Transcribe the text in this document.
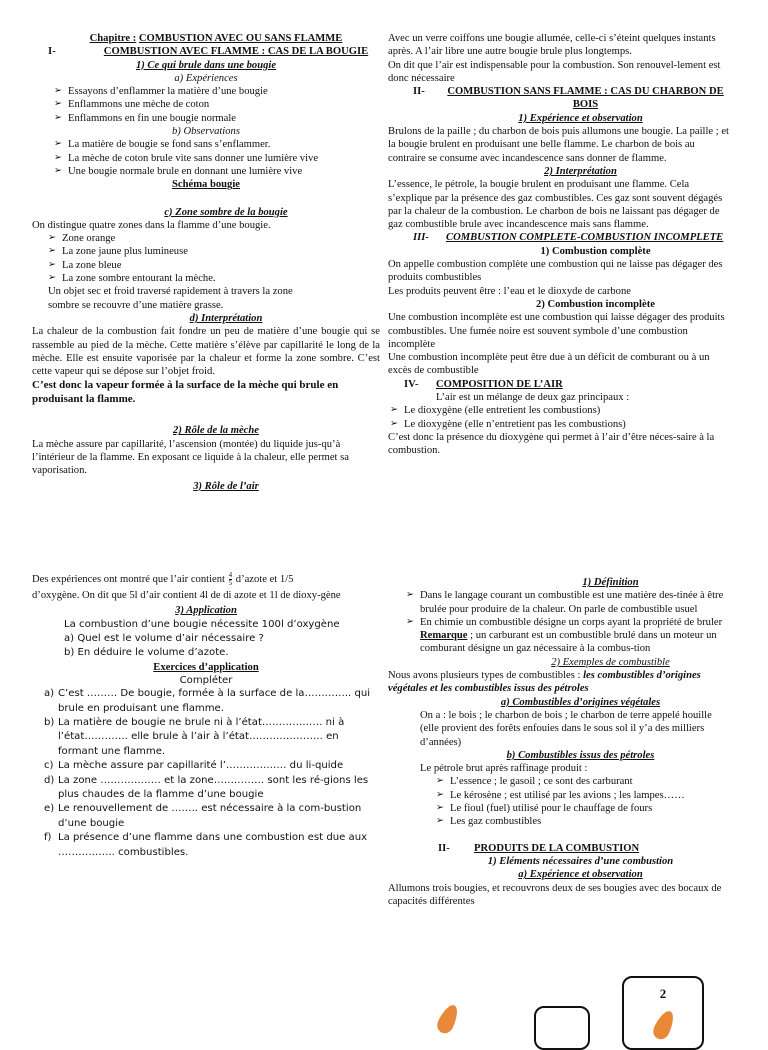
Chapitre : COMBUSTION AVEC OU SANS FLAMME
I-	COMBUSTION AVEC FLAMME : CAS DE LA BOUGIE
1) Ce qui brule dans une bougie
a) Expériences
➢ Essayons d’enflammer la matière d’une bougie
➢ Enflammons une mèche de coton
➢ Enflammons en fin une bougie normale
b) Observations
➢ La matière de bougie se fond sans s’enflammer.
➢ La mèche de coton brule vite sans donner une lumière vive
➢ Une bougie normale brule en donnant une lumière vive
Schéma bougie
c) Zone sombre de la bougie
On distingue quatre zones dans la flamme d’une bougie.
➢ Zone orange
➢ La zone jaune plus lumineuse
➢ La zone bleue
➢ La zone sombre entourant la mèche.
Un objet sec et froid traversé rapidement à travers la zone
sombre se recouvre d’une matière grasse.
d) Interprétation
La chaleur de la combustion fait fondre un peu de matière d’une bougie qui se rassemble au pied de la mèche. Cette matière s’élève par capillarité le long de la mèche. Elle est ensuite vaporisée par la chaleur et forme la zone sombre. C’est cette vapeur qui se dépose sur l’objet froid.
C’est donc la vapeur formée à la surface de la mèche qui brule en produisant la flamme.
2) Rôle de la mèche
La mèche assure par capillarité, l’ascension (montée) du liquide jus-qu’à l’intérieur de la flamme. En exposant ce liquide à la chaleur, elle permet sa vaporisation.
3) Rôle de l’air
Avec un verre coiffons une bougie allumée, celle-ci s’éteint quelques instants après. A l’air libre une autre bougie brule plus longtemps.
On dit que l’air est indispensable pour la combustion. Son renouvel-lement est donc nécessaire
II-	COMBUSTION SANS FLAMME : CAS DU CHARBON DE BOIS
1) Expérience et observation
Brulons de la paille ; du charbon de bois puis allumons une bougie. La paille ; et la bougie brulent en produisant une belle flamme. Le charbon de bois au contraire se consume avec incandescence sans donner de flamme.
2) Interprétation
L’essence, le pétrole, la bougie brulent en produisant une flamme. Cela s’explique par la présence des gaz combustibles. Ces gaz sont souvent dégagés par la chaleur de la combustion. Le charbon de bois ne laissant pas dégager de gaz combustible brule avec incandescence mais sans flamme.
III-	COMBUSTION COMPLETE-COMBUSTION INCOMPLETE
1) Combustion complète
On appelle combustion complète une combustion qui ne laisse pas dégager des produits combustibles
Les produits peuvent être : l’eau et le dioxyde de carbone
2) Combustion incomplète
Une combustion incomplète est une combustion qui laisse dégager des produits combustibles. Une fumée noire est souvent symbole d’une combustion incomplète
Une combustion incomplète peut être due à un déficit de comburant ou à un excès de combustible
IV- COMPOSITION DE L’AIR
L’air est un mélange de deux gaz principaux :
➢ Le dioxygène (elle entretient les combustions)
➢ Le dioxygène (elle n’entretient pas les combustions)
C’est donc la présence du dioxygène qui permet à l’air d’être néces-saire à la combustion.
Des expériences ont montré que l’air contient $\frac{4}{5}$ d’azote et 1/5
d’oxygène. On dit que 5l d’air contient 4l de di azote et 1l de dioxy-gène
3) Application
La combustion d’une bougie nécessite 100l d’oxygène
a) Quel est le volume d’air nécessaire ?
b) En déduire le volume d’azote.
Exercices d’application
Compléter
a) C’est ……… De bougie, formée à la surface de la………….. qui brule en produisant une flamme.
b) La matière de bougie ne brule ni à l’état……………… ni à l’état…………. elle brule à l’air à l’état…………………. en formant une flamme.
c) La mèche assure par capillarité l’……………… du li-quide
d) La zone ……………… et la zone…………… sont les ré-gions les plus chaudes de la flamme d’une bougie
e) Le renouvellement de …….. est nécessaire à la com-bustion d’une bougie
f) La présence d’une flamme dans une combustion est due aux …………….. combustibles.
1) Définition
➢ Dans le langage courant un combustible est une matière des-tinée à être brulée pour produire de la chaleur. On parle de combustible usuel
➢ En chimie un combustible désigne un corps ayant la propriété de bruler
Remarque ; un carburant est un combustible brulé dans un moteur un comburant désigne un gaz nécessaire à la combus-tion
2) Exemples de combustible
Nous avons plusieurs types de combustibles : les combustibles d’origines végétales et les combustibles issus des pétroles
a) Combustibles d’origines végétales
On a : le bois ; le charbon de bois ; le charbon de terre appelé houille (elle provient des forêts enfouies dans le sous sol il y’a des milliers d’années)
b) Combustibles issus des pétroles
Le pétrole brut après raffinage produit :
➢ L’essence ; le gasoil ; ce sont des carburant
➢ Le kérosène ; est utilisé par les avions ; les lampes……
➢ Le fioul (fuel) utilisé pour le chauffage de fours
➢ Les gaz combustibles
II- PRODUITS DE LA COMBUSTION
1) Eléments nécessaires d’une combustion
a) Expérience et observation
Allumons trois bougies, et recouvrons deux de ses bougies avec des bocaux de capacités différentes
2
